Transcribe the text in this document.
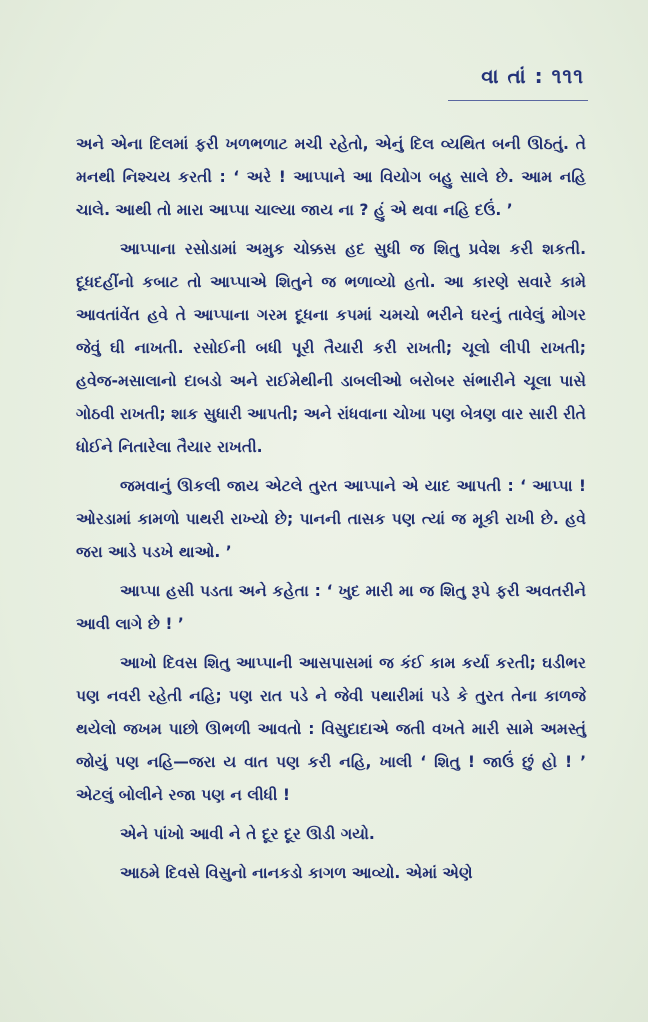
વા તાં : ૧૧૧

અને એના દિલમાં ફરી ખળભળાટ મચી રહેતો, એનું દિલ વ્યથિત બની ઊઠતું. તે મનથી નિશ્ચય કરતી : ‘ અરે ! આપ્પાને આ વિયોગ બહુ સાલે છે. આમ નહિ ચાલે. આથી તો મારા આપ્પા ચાલ્યા જાય ના ? હું એ થવા નહિ દઉં. ’

આપ્પાના રસોડામાં અમુક ચોક્કસ હદ સુધી જ શિતુ પ્રવેશ કરી શકતી. દૂધદહીંનો કબાટ તો આપ્પાએ શિતુને જ ભળાવ્યો હતો. આ કારણે સવારે કામે આવતાંવેંત હવે તે આપ્પાના ગરમ દૂધના કપમાં ચમચો ભરીને ઘરનું તાવેલું મોગર જેવું ઘી નાખતી. રસોઈની બધી પૂરી તૈયારી કરી રાખતી; ચૂલો લીપી રાખતી; હવેજ-મસાલાનો દાબડો અને રાઈમેથીની ડાબલીઓ બરોબર સંભારીને ચૂલા પાસે ગોઠવી રાખતી; શાક સુધારી આપતી; અને રાંધવાના ચોખા પણ બેત્રણ વાર સારી રીતે ધોઈને નિતારેલા તૈયાર રાખતી.

જમવાનું ઊકલી જાય એટલે તુરત આપ્પાને એ યાદ આપતી : ‘ આપ્પા ! ઓરડામાં કામળો પાથરી રાખ્યો છે; પાનની તાસક પણ ત્યાં જ મૂકી રાખી છે. હવે જરા આડે પડખે થાઓ. ’

આપ્પા હસી પડતા અને કહેતા : ‘ ખુદ મારી મા જ શિતુ રૂપે ફરી અવતરીને આવી લાગે છે ! ’

આખો દિવસ શિતુ આપ્પાની આસપાસમાં જ કંઈ કામ કર્યા કરતી; ઘડીભર પણ નવરી રહેતી નહિ; પણ રાત પડે ને જેવી પથારીમાં પડે કે તુરત તેના કાળજે થયેલો જખમ પાછો ઊભળી આવતો : વિસુદાદાએ જતી વખતે મારી સામે અમસ્તું જોયું પણ નહિ—જરા ય વાત પણ કરી નહિ, ખાલી ‘ શિતુ ! જાઉં છું હો ! ’ એટલું બોલીને રજા પણ ન લીધી !

એને પાંખો આવી ને તે દૂર દૂર ઊડી ગયો.

આઠમે દિવસે વિસુનો નાનકડો કાગળ આવ્યો. એમાં એણે
